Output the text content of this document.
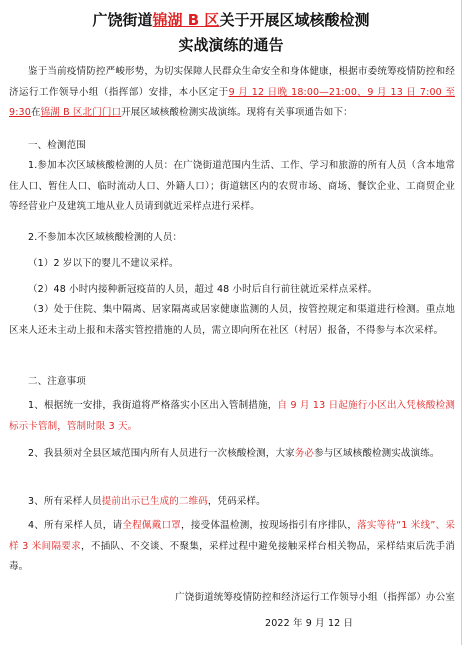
广饶街道锦湖 B 区关于开展区域核酸检测
实战演练的通告
鉴于当前疫情防控严峻形势，为切实保障人民群众生命安全和身体健康，根据市委统筹疫情防控和经济运行工作领导小组（指挥部）安排，本小区定于9 月 12 日晚 18:00—21:00，9 月 13 日 7:00 至 9:30在锦湖 B 区北门门口开展区域核酸检测实战演练。现将有关事项通告如下：
一、检测范围
1.参加本次区域核酸检测的人员：在广饶街道范围内生活、工作、学习和旅游的所有人员（含本地常住人口、暂住人口、临时流动人口、外籍人口）；街道辖区内的农贸市场、商场、餐饮企业、工商贸企业等经营业户及建筑工地从业人员请到就近采样点进行采样。
2.不参加本次区域核酸检测的人员：
（1）2 岁以下的婴儿不建议采样。
（2）48 小时内接种新冠疫苗的人员，超过 48 小时后自行前往就近采样点采样。
（3）处于住院、集中隔离、居家隔离或居家健康监测的人员，按管控规定和渠道进行检测。重点地区来人还未主动上报和未落实管控措施的人员，需立即向所在社区（村居）报备，不得参与本次采样。
二、注意事项
1、根据统一安排，我街道将严格落实小区出入管制措施，自 9 月 13 日起施行小区出入凭核酸检测标示卡管制，管制时限 3 天。
2、我县须对全县区域范围内所有人员进行一次核酸检测，大家务必参与区域核酸检测实战演练。
3、所有采样人员提前出示已生成的二维码，凭码采样。
4、所有采样人员，请全程佩戴口罩，接受体温检测，按现场指引有序排队，落实等待“1 米线”、采样 3 米间隔要求，不插队、不交谈、不聚集，采样过程中避免接触采样台相关物品，采样结束后洗手消毒。
广饶街道统筹疫情防控和经济运行工作领导小组（指挥部）办公室
2022 年 9 月 12 日
